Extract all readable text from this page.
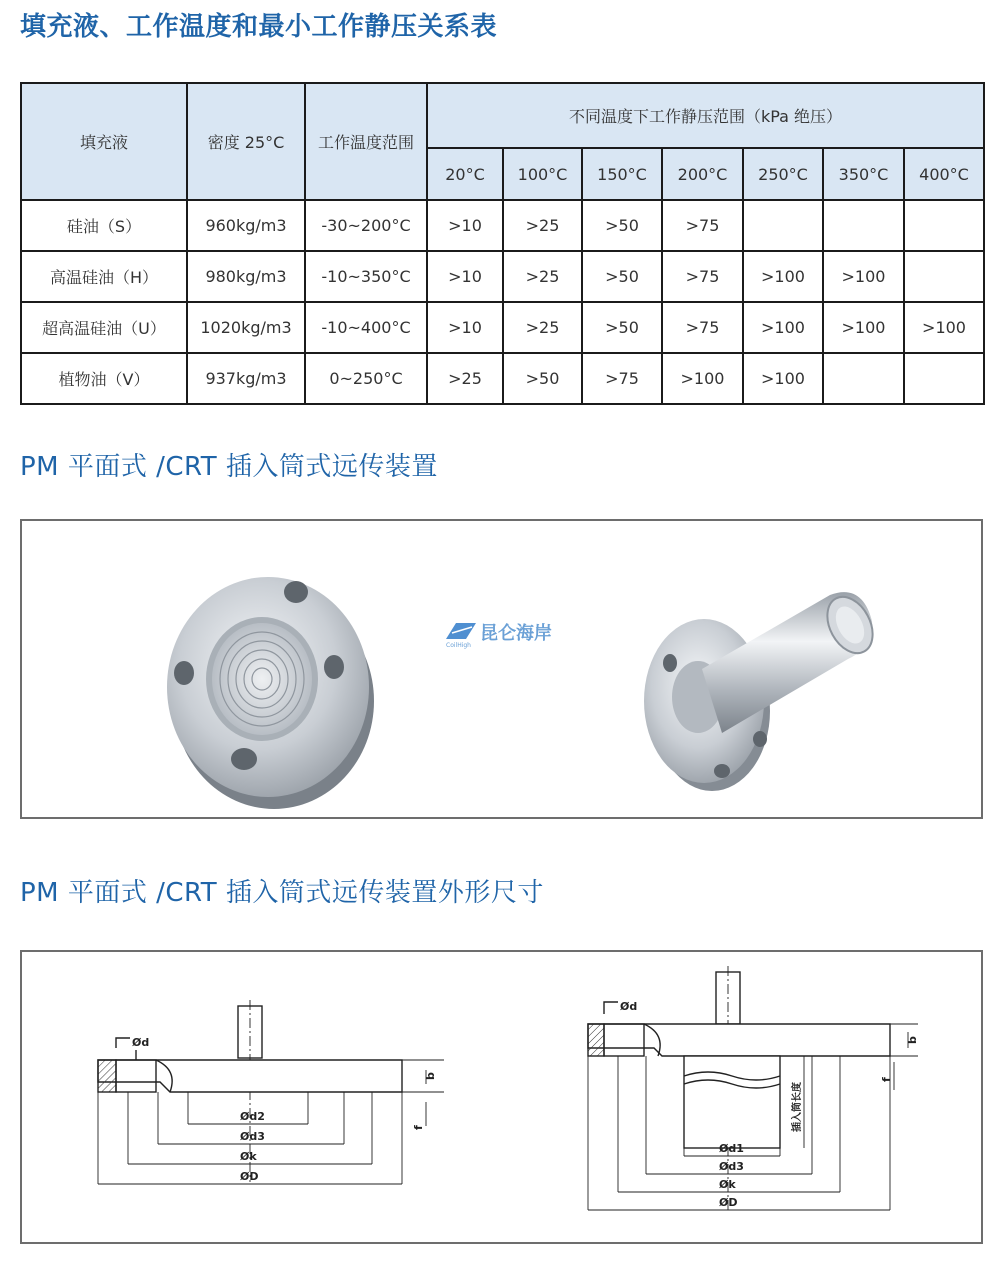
填充液、工作温度和最小工作静压关系表
填充液	密度 25°C	工作温度范围	不同温度下工作静压范围（kPa 绝压）						
			20°C	100°C	150°C	200°C	250°C	350°C	400°C
硅油（S）	960kg/m3	-30~200°C	>10	>25	>50	>75			
高温硅油（H）	980kg/m3	-10~350°C	>10	>25	>50	>75	>100	>100	
超高温硅油（U）	1020kg/m3	-10~400°C	>10	>25	>50	>75	>100	>100	>100
植物油（V）	937kg/m3	0~250°C	>25	>50	>75	>100	>100		
PM 平面式 /CRT 插入筒式远传装置
昆仑海岸
CoilHigh
PM 平面式 /CRT 插入筒式远传装置外形尺寸
Ød
b
f
Ød2
Ød3
Øk
ØD
Ød
b
f
Ød1
Ød3
Øk
ØD
插入筒长度
